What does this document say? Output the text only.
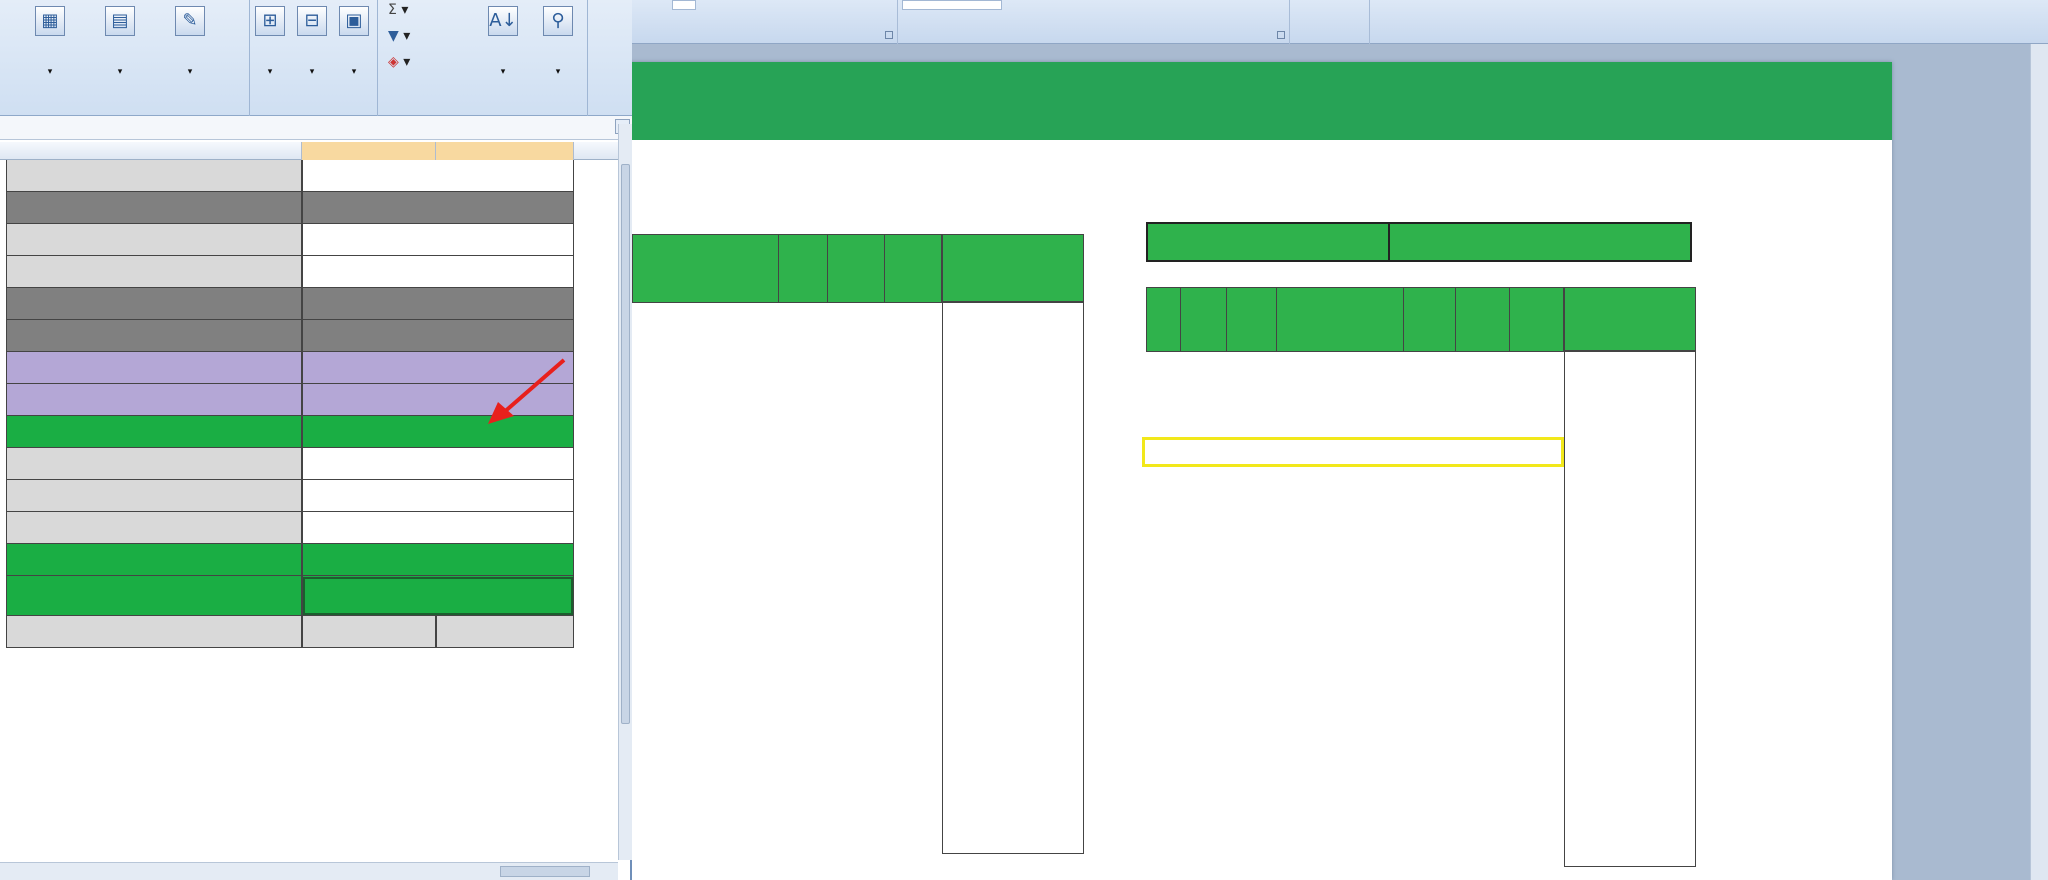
▦

▾
▤

▾
✎

▾
⊞

▾
⊟

▾
▣

▾
Σ ▾
▼ ▾
◈ ▾
A↓

▾
⚲

▾
